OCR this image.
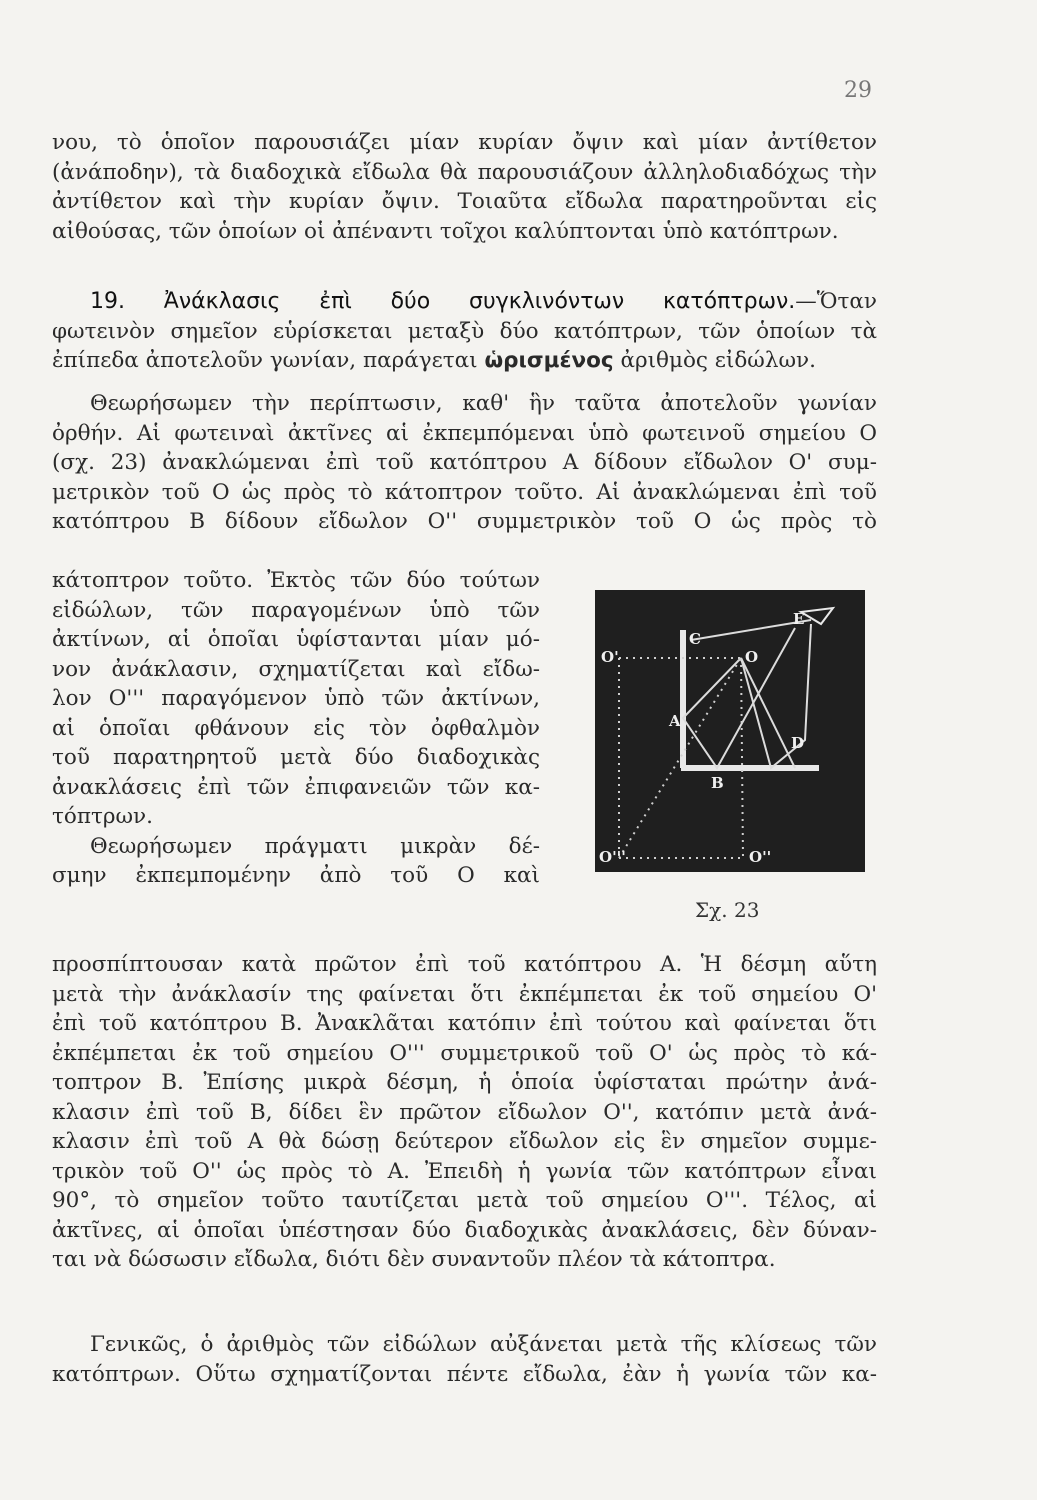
29
νου, τὸ ὁποῖον παρουσιάζει μίαν κυρίαν ὄψιν καὶ μίαν ἀντίθετον
(ἀνάποδην), τὰ διαδοχικὰ εἴδωλα θὰ παρουσιάζουν ἀλληλοδιαδόχως τὴν
ἀντίθετον καὶ τὴν κυρίαν ὄψιν. Τοιαῦτα εἴδωλα παρατηροῦνται εἰς
αἰθούσας, τῶν ὁποίων οἱ ἀπέναντι τοῖχοι καλύπτονται ὑπὸ κατόπτρων.
19. Ἀνάκλασις ἐπὶ δύο συγκλινόντων κατόπτρων.—Ὅταν
φωτεινὸν σημεῖον εὑρίσκεται μεταξὺ δύο κατόπτρων, τῶν ὁποίων τὰ
ἐπίπεδα ἀποτελοῦν γωνίαν, παράγεται ὡρισμένος ἀριθμὸς εἰδώλων.
Θεωρήσωμεν τὴν περίπτωσιν, καθ' ἣν ταῦτα ἀποτελοῦν γωνίαν
ὀρθήν. Αἱ φωτειναὶ ἀκτῖνες αἱ ἐκπεμπόμεναι ὑπὸ φωτεινοῦ σημείου Ο
(σχ. 23) ἀνακλώμεναι ἐπὶ τοῦ κατόπτρου Α δίδουν εἴδωλον Ο' συμ-
μετρικὸν τοῦ Ο ὡς πρὸς τὸ κάτοπτρον τοῦτο. Αἱ ἀνακλώμεναι ἐπὶ τοῦ
κατόπτρου Β δίδουν εἴδωλον Ο'' συμμετρικὸν τοῦ Ο ὡς πρὸς τὸ
κάτοπτρον τοῦτο. Ἐκτὸς τῶν δύο τούτων
εἰδώλων, τῶν παραγομένων ὑπὸ τῶν
ἀκτίνων, αἱ ὁποῖαι ὑφίστανται μίαν μό-
νον ἀνάκλασιν, σχηματίζεται καὶ εἴδω-
λον Ο''' παραγόμενον ὑπὸ τῶν ἀκτίνων,
αἱ ὁποῖαι φθάνουν εἰς τὸν ὀφθαλμὸν
τοῦ παρατηρητοῦ μετὰ δύο διαδοχικὰς
ἀνακλάσεις ἐπὶ τῶν ἐπιφανειῶν τῶν κα-
τόπτρων.
Θεωρήσωμεν πράγματι μικρὰν δέ-
σμην ἐκπεμπομένην ἀπὸ τοῦ Ο καὶ
E
C
O
O'
A
D
B
O'''	O''
Σχ. 23
προσπίπτουσαν κατὰ πρῶτον ἐπὶ τοῦ κατόπτρου Α. Ἡ δέσμη αὕτη
μετὰ τὴν ἀνάκλασίν της φαίνεται ὅτι ἐκπέμπεται ἐκ τοῦ σημείου Ο'
ἐπὶ τοῦ κατόπτρου Β. Ἀνακλᾶται κατόπιν ἐπὶ τούτου καὶ φαίνεται ὅτι
ἐκπέμπεται ἐκ τοῦ σημείου Ο''' συμμετρικοῦ τοῦ Ο' ὡς πρὸς τὸ κά-
τοπτρον Β. Ἐπίσης μικρὰ δέσμη, ἡ ὁποία ὑφίσταται πρώτην ἀνά-
κλασιν ἐπὶ τοῦ Β, δίδει ἓν πρῶτον εἴδωλον Ο'', κατόπιν μετὰ ἀνά-
κλασιν ἐπὶ τοῦ Α θὰ δώσῃ δεύτερον εἴδωλον εἰς ἓν σημεῖον συμμε-
τρικὸν τοῦ Ο'' ὡς πρὸς τὸ Α. Ἐπειδὴ ἡ γωνία τῶν κατόπτρων εἶναι
90°, τὸ σημεῖον τοῦτο ταυτίζεται μετὰ τοῦ σημείου Ο'''. Τέλος, αἱ
ἀκτῖνες, αἱ ὁποῖαι ὑπέστησαν δύο διαδοχικὰς ἀνακλάσεις, δὲν δύναν-
ται νὰ δώσωσιν εἴδωλα, διότι δὲν συναντοῦν πλέον τὰ κάτοπτρα.
Γενικῶς, ὁ ἀριθμὸς τῶν εἰδώλων αὐξάνεται μετὰ τῆς κλίσεως τῶν
κατόπτρων. Οὕτω σχηματίζονται πέντε εἴδωλα, ἐὰν ἡ γωνία τῶν κα-
